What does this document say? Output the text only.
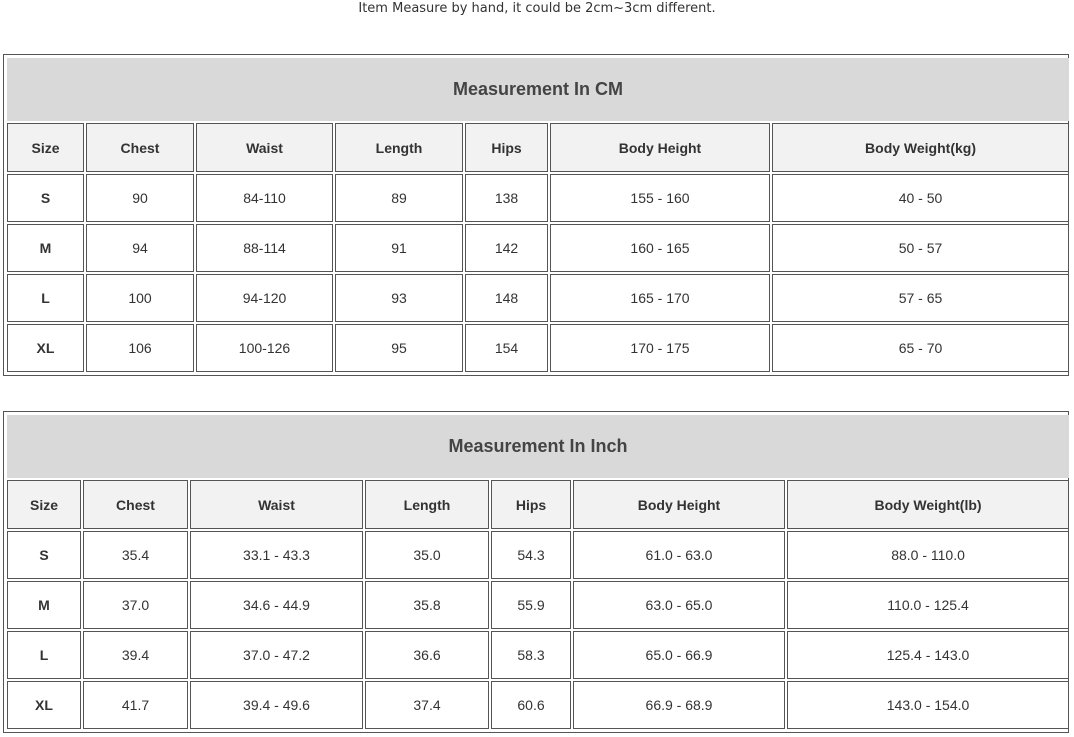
Item Measure by hand, it could be 2cm~3cm different.
Measurement In CM						
Size	Chest	Waist	Length	Hips	Body Height	Body Weight(kg)
S	90	84-110	89	138	155 - 160	40 - 50
M	94	88-114	91	142	160 - 165	50 - 57
L	100	94-120	93	148	165 - 170	57 - 65
XL	106	100-126	95	154	170 - 175	65 - 70
Measurement In Inch						
Size	Chest	Waist	Length	Hips	Body Height	Body Weight(lb)
S	35.4	33.1 - 43.3	35.0	54.3	61.0 - 63.0	88.0 - 110.0
M	37.0	34.6 - 44.9	35.8	55.9	63.0 - 65.0	110.0 - 125.4
L	39.4	37.0 - 47.2	36.6	58.3	65.0 - 66.9	125.4 - 143.0
XL	41.7	39.4 - 49.6	37.4	60.6	66.9 - 68.9	143.0 - 154.0
